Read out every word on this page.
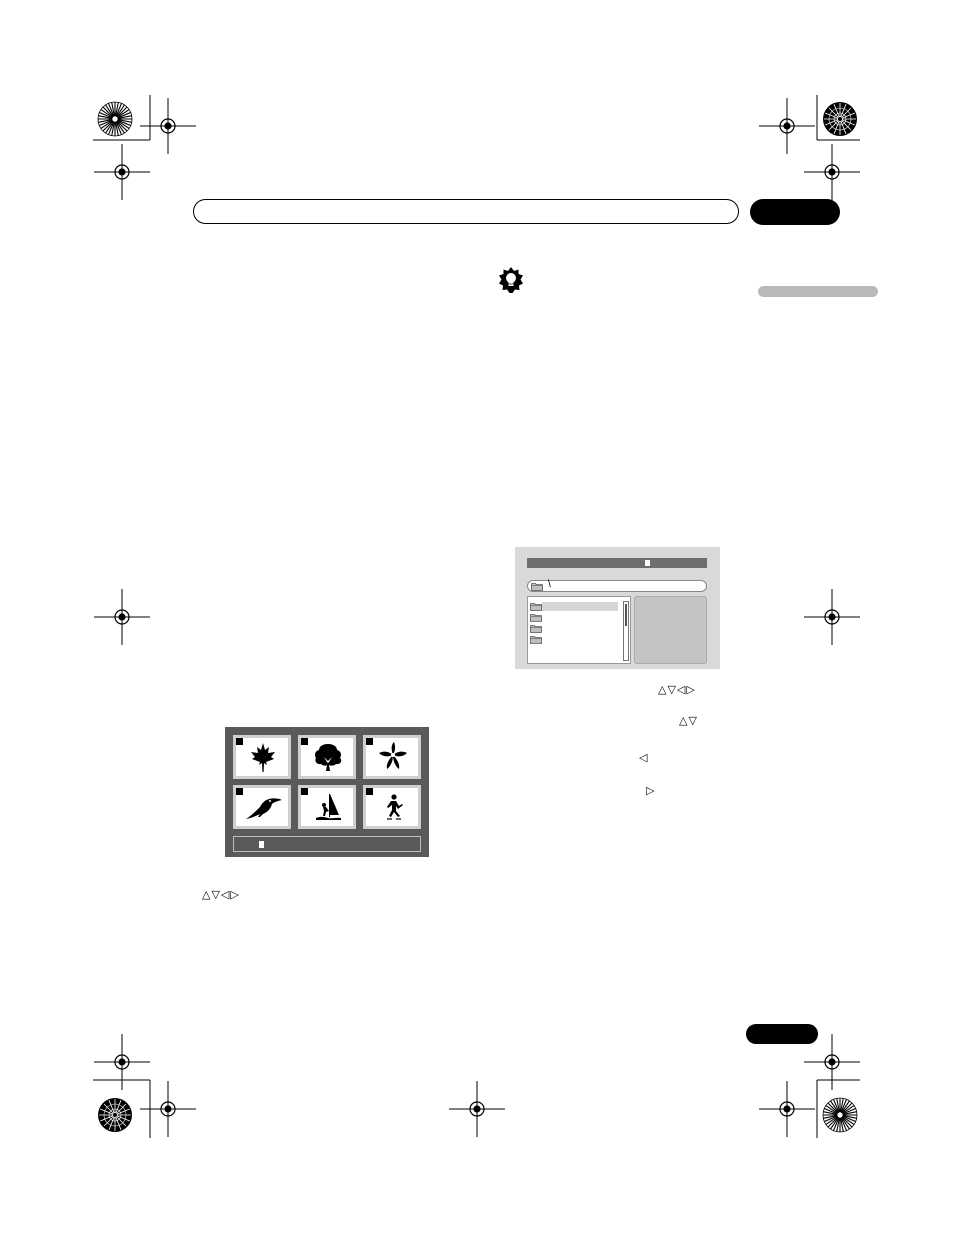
\
△▽◁▷
△▽
◁
▷
△▽◁▷
